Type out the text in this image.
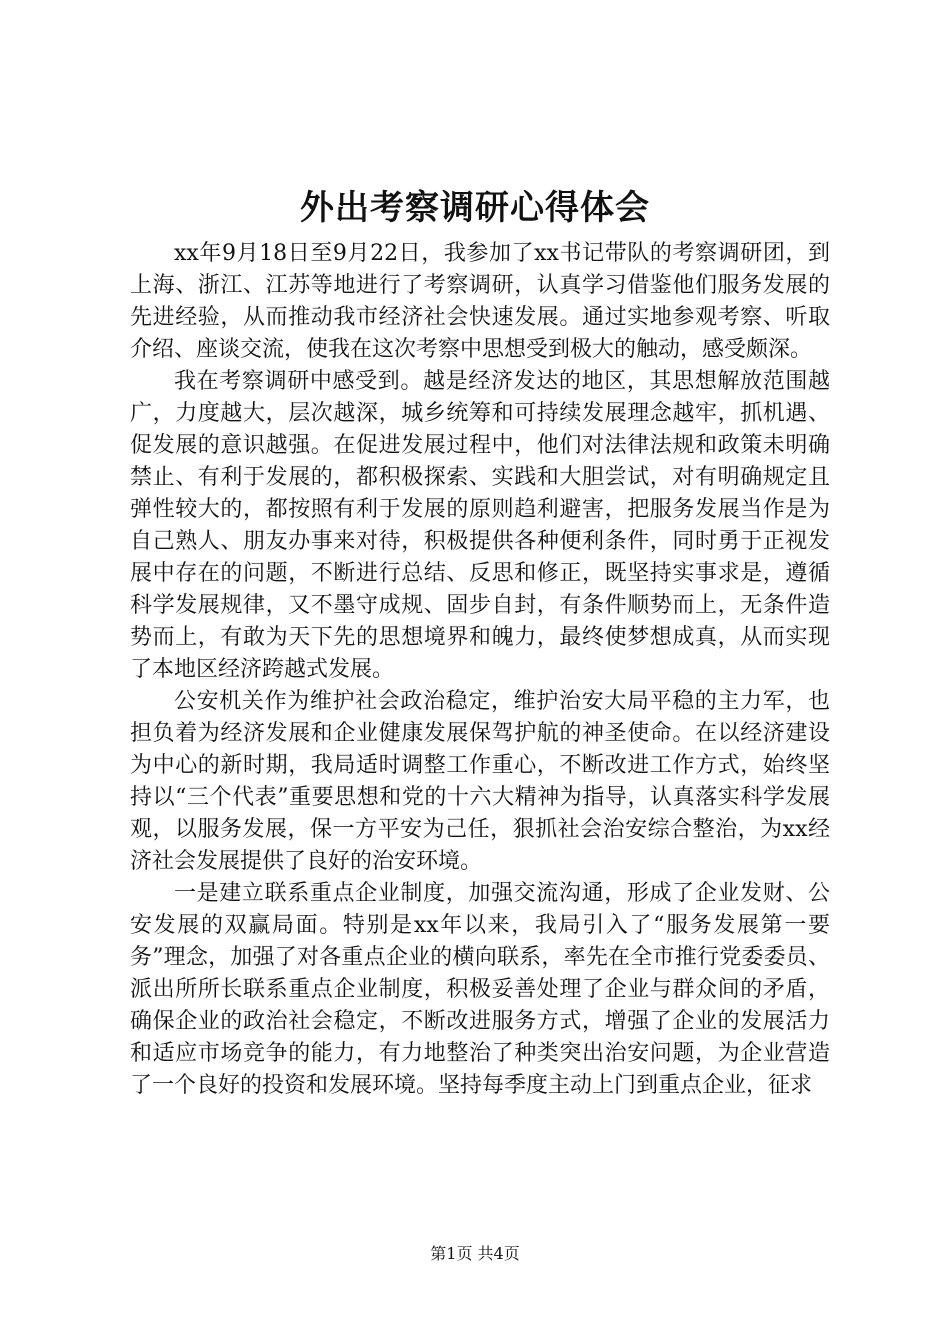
外出考察调研心得体会

xx年9月18日至9月22日，我参加了xx书记带队的考察调研团，到上海、浙江、江苏等地进行了考察调研，认真学习借鉴他们服务发展的先进经验，从而推动我市经济社会快速发展。通过实地参观考察、听取介绍、座谈交流，使我在这次考察中思想受到极大的触动，感受颇深。

我在考察调研中感受到。越是经济发达的地区，其思想解放范围越广，力度越大，层次越深，城乡统筹和可持续发展理念越牢，抓机遇、促发展的意识越强。在促进发展过程中，他们对法律法规和政策未明确禁止、有利于发展的，都积极探索、实践和大胆尝试，对有明确规定且弹性较大的，都按照有利于发展的原则趋利避害，把服务发展当作是为自己熟人、朋友办事来对待，积极提供各种便利条件，同时勇于正视发展中存在的问题，不断进行总结、反思和修正，既坚持实事求是，遵循科学发展规律，又不墨守成规、固步自封，有条件顺势而上，无条件造势而上，有敢为天下先的思想境界和魄力，最终使梦想成真，从而实现了本地区经济跨越式发展。

公安机关作为维护社会政治稳定，维护治安大局平稳的主力军，也担负着为经济发展和企业健康发展保驾护航的神圣使命。在以经济建设为中心的新时期，我局适时调整工作重心，不断改进工作方式，始终坚持以“三个代表”重要思想和党的十六大精神为指导，认真落实科学发展观，以服务发展，保一方平安为己任，狠抓社会治安综合整治，为xx经济社会发展提供了良好的治安环境。

一是建立联系重点企业制度，加强交流沟通，形成了企业发财、公安发展的双赢局面。特别是xx年以来，我局引入了“服务发展第一要务”理念，加强了对各重点企业的横向联系，率先在全市推行党委委员、派出所所长联系重点企业制度，积极妥善处理了企业与群众间的矛盾，确保企业的政治社会稳定，不断改进服务方式，增强了企业的发展活力和适应市场竞争的能力，有力地整治了种类突出治安问题，为企业营造了一个良好的投资和发展环境。坚持每季度主动上门到重点企业，征求

第1页 共4页
